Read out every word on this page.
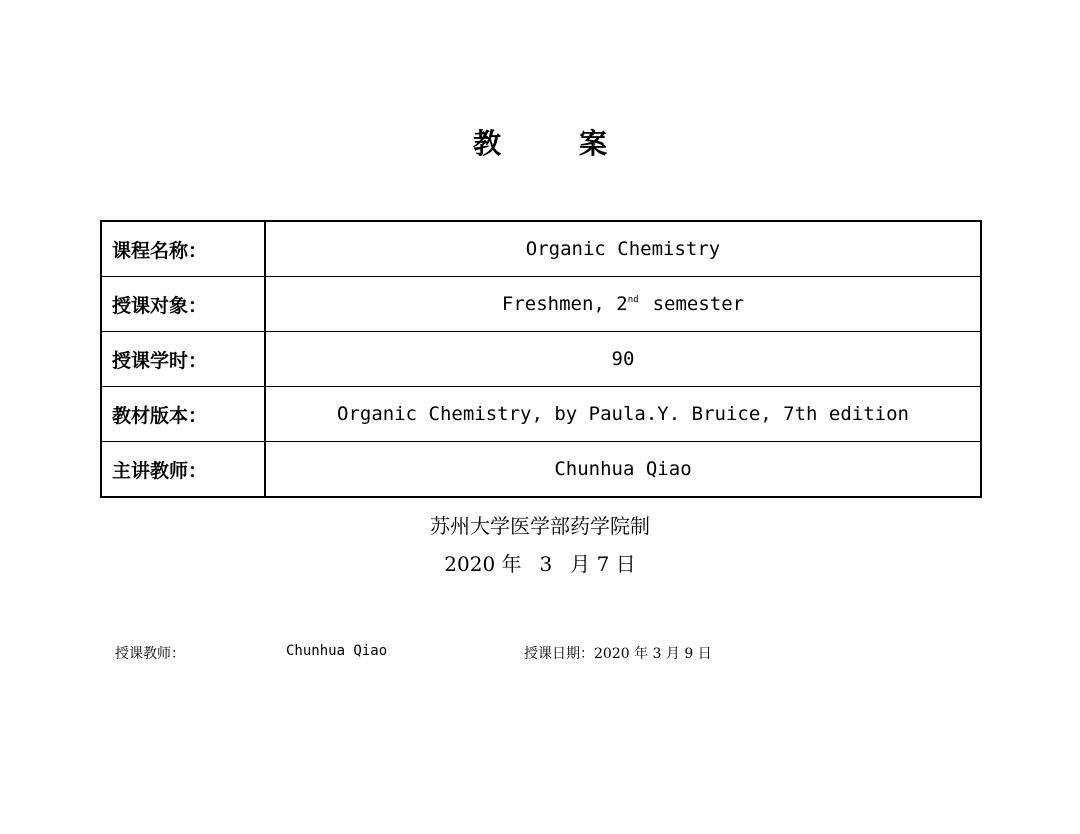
教	案
课程名称：	Organic Chemistry
授课对象：	Freshmen, 2nd semester
授课学时：	90
教材版本：	Organic Chemistry, by Paula.Y. Bruice, 7th edition
主讲教师：	Chunhua Qiao
苏州大学医学部药学院制
2020 年 3 月 7 日
授课教师：	Chunhua Qiao	授课日期：2020 年 3 月 9 日
